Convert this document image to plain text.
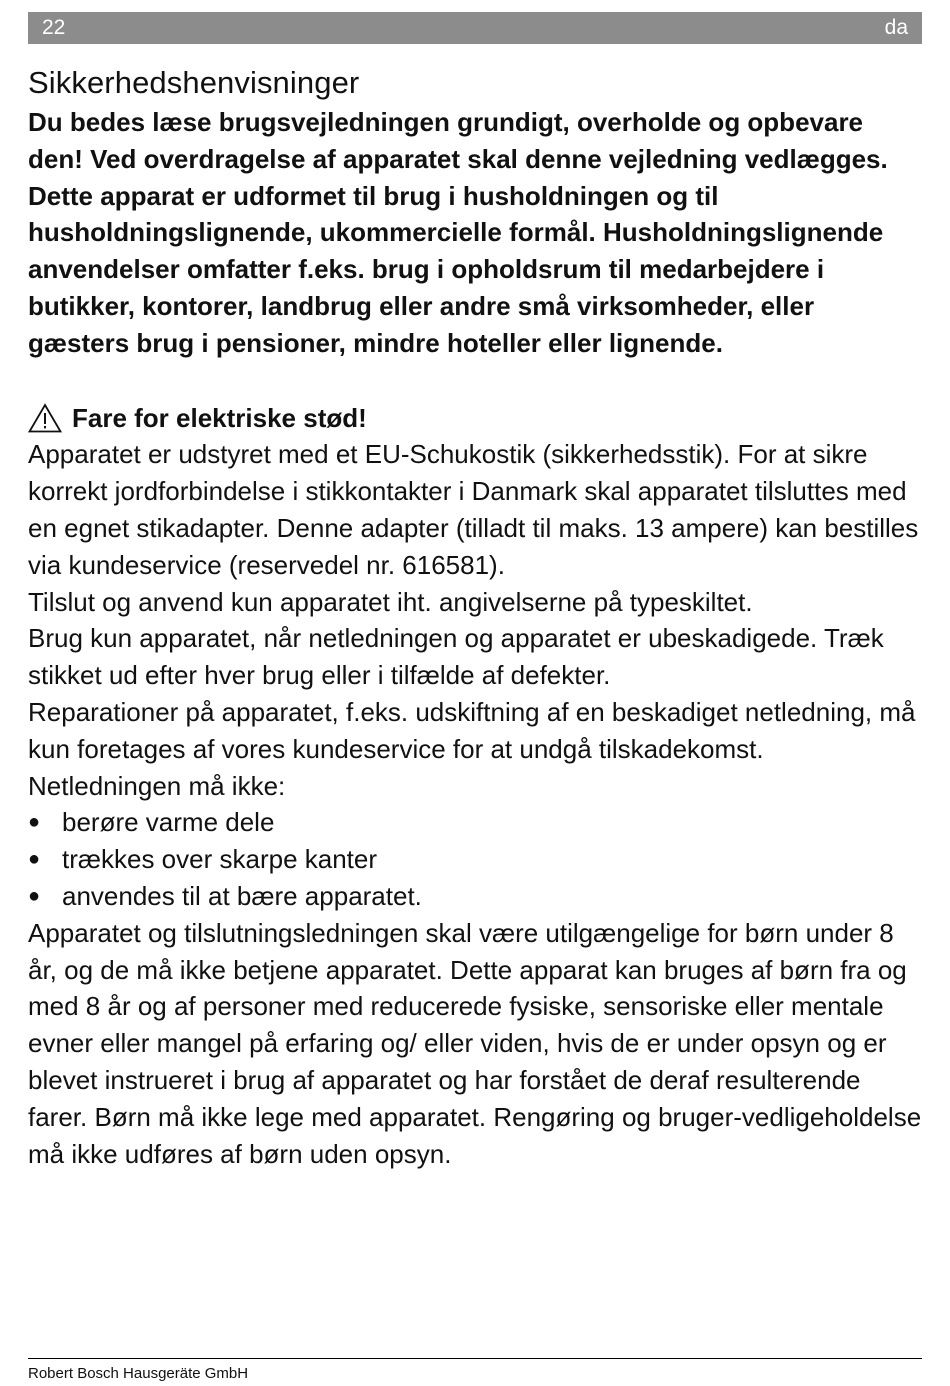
22	da
Sikkerhedshenvisninger

Du bedes læse brugsvejledningen grundigt, overholde og opbevare den! Ved overdragelse af apparatet skal denne vejledning vedlægges. Dette apparat er udformet til brug i husholdningen og til husholdningslignende, ukommercielle formål. Husholdningslignende anvendelser omfatter f.eks. brug i opholdsrum til medarbejdere i butikker, kontorer, landbrug eller andre små virksomheder, eller gæsters brug i pensioner, mindre hoteller eller lignende.

Fare for elektriske stød!

Apparatet er udstyret med et EU-Schukostik (sikkerhedsstik). For at sikre korrekt jordforbindelse i stikkontakter i Danmark skal apparatet tilsluttes med en egnet stikadapter. Denne adapter (tilladt til maks. 13 ampere) kan bestilles via kundeservice (reservedel nr. 616581).

Tilslut og anvend kun apparatet iht. angivelserne på typeskiltet.

Brug kun apparatet, når netledningen og apparatet er ubeskadigede. Træk stikket ud efter hver brug eller i tilfælde af defekter.

Reparationer på apparatet, f.eks. udskiftning af en beskadiget netledning, må kun foretages af vores kundeservice for at undgå tilskadekomst.

Netledningen må ikke:

● berøre varme dele
● trækkes over skarpe kanter
● anvendes til at bære apparatet.

Apparatet og tilslutningsledningen skal være utilgængelige for børn under 8 år, og de må ikke betjene apparatet. Dette apparat kan bruges af børn fra og med 8 år og af personer med reducerede fysiske, sensoriske eller mentale evner eller mangel på erfaring og/ eller viden, hvis de er under opsyn og er blevet instrueret i brug af apparatet og har forstået de deraf resulterende farer. Børn må ikke lege med apparatet. Rengøring og bruger-vedligeholdelse må ikke udføres af børn uden opsyn.

Robert Bosch Hausgeräte GmbH
